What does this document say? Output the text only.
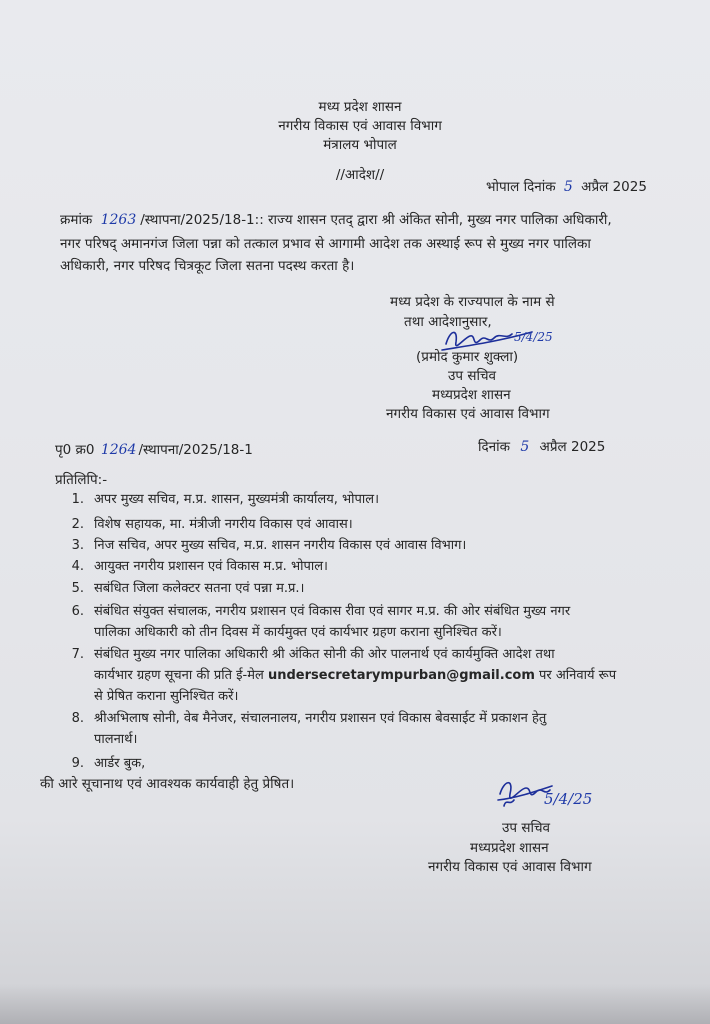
मध्य प्रदेश शासन
नगरीय विकास एवं आवास विभाग
मंत्रालय भोपाल
//आदेश//
भोपाल दिनांक 5 अप्रैल 2025
क्रमांक 1263 /स्थापना/2025/18-1:: राज्य शासन एतद् द्वारा श्री अंकित सोनी, मुख्य नगर पालिका अधिकारी,
नगर परिषद् अमानगंज जिला पन्ना को तत्काल प्रभाव से आगामी आदेश तक अस्थाई रूप से मुख्य नगर पालिका
अधिकारी, नगर परिषद चित्रकूट जिला सतना पदस्थ करता है।
मध्य प्रदेश के राज्यपाल के नाम से
तथा आदेशानुसार,
5/4/25
(प्रमोद कुमार शुक्ला)
उप सचिव
मध्यप्रदेश शासन
नगरीय विकास एवं आवास विभाग
पृ0 क्र0 1264 /स्थापना/2025/18-1	दिनांक 5 अप्रैल 2025
प्रतिलिपि:-
1. अपर मुख्य सचिव, म.प्र. शासन, मुख्यमंत्री कार्यालय, भोपाल।
2. विशेष सहायक, मा. मंत्रीजी नगरीय विकास एवं आवास।
3. निज सचिव, अपर मुख्य सचिव, म.प्र. शासन नगरीय विकास एवं आवास विभाग।
4. आयुक्त नगरीय प्रशासन एवं विकास म.प्र. भोपाल।
5. सबंधित जिला कलेक्टर सतना एवं पन्ना म.प्र.।
6. संबंधित संयुक्त संचालक, नगरीय प्रशासन एवं विकास रीवा एवं सागर म.प्र. की ओर संबंधित मुख्य नगर
पालिका अधिकारी को तीन दिवस में कार्यमुक्त एवं कार्यभार ग्रहण कराना सुनिश्चित करें।
7. संबंधित मुख्य नगर पालिका अधिकारी श्री अंकित सोनी की ओर पालनार्थ एवं कार्यमुक्ति आदेश तथा
कार्यभार ग्रहण सूचना की प्रति ई-मेल undersecretarympurban@gmail.com पर अनिवार्य रूप
से प्रेषित कराना सुनिश्चित करें।
8. श्रीअभिलाष सोनी, वेब मैनेजर, संचालनालय, नगरीय प्रशासन एवं विकास बेवसाईट में प्रकाशन हेतु
पालनार्थ।
9. आर्डर बुक,
की आरे सूचानाथ एवं आवश्यक कार्यवाही हेतु प्रेषित।
5/4/25
उप सचिव
मध्यप्रदेश शासन
नगरीय विकास एवं आवास विभाग
